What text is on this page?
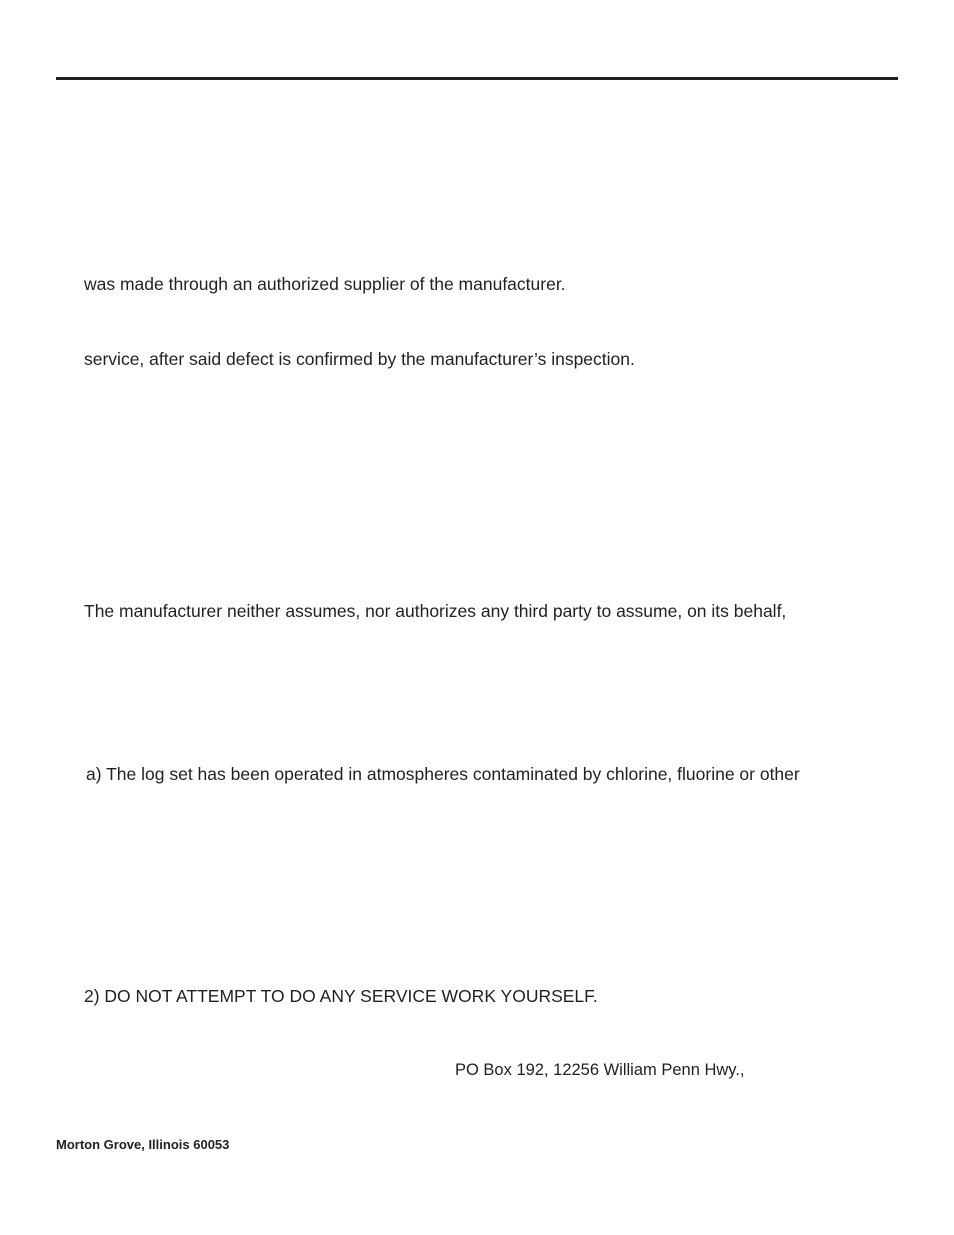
was made through an authorized supplier of the manufacturer.
service, after said defect is confirmed by the manufacturer’s inspection.
The manufacturer neither assumes, nor authorizes any third party to assume, on its behalf,
a) The log set has been operated in atmospheres contaminated by chlorine, fluorine or other
2) DO NOT ATTEMPT TO DO ANY SERVICE WORK YOURSELF.
PO Box 192, 12256 William Penn Hwy.,
Morton Grove, Illinois 60053
